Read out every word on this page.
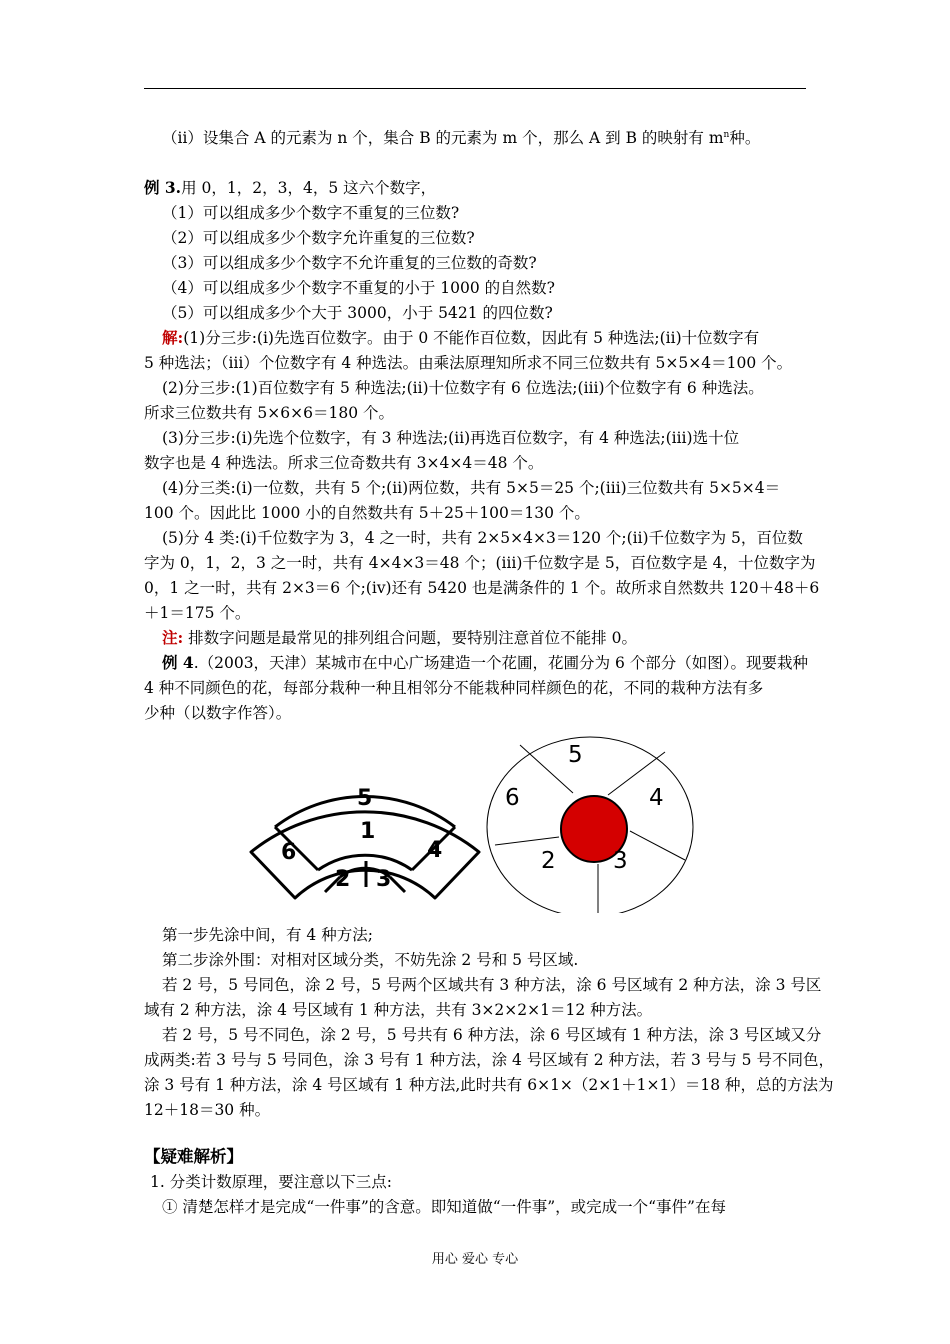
（ⅱ）设集合 A 的元素为 n 个，集合 B 的元素为 m 个，那么 A 到 B 的映射有 $m^n$种。
例 3.用 0，1，2，3，4，5 这六个数字，
（1）可以组成多少个数字不重复的三位数?
（2）可以组成多少个数字允许重复的三位数?
（3）可以组成多少个数字不允许重复的三位数的奇数?
（4）可以组成多少个数字不重复的小于 1000 的自然数?
（5）可以组成多少个大于 3000，小于 5421 的四位数?
解:(1)分三步:(ⅰ)先选百位数字。由于 0 不能作百位数，因此有 5 种选法;(ⅱ)十位数字有
5 种选法；（ⅲ）个位数字有 4 种选法。由乘法原理知所求不同三位数共有 5×5×4＝100 个。
(2)分三步:(1)百位数字有 5 种选法;(ⅱ)十位数字有 6 位选法;(ⅲ)个位数字有 6 种选法。
所求三位数共有 5×6×6＝180 个。
(3)分三步:(ⅰ)先选个位数字，有 3 种选法;(ⅱ)再选百位数字，有 4 种选法;(ⅲ)选十位
数字也是 4 种选法。所求三位奇数共有 3×4×4＝48 个。
(4)分三类:(ⅰ)一位数，共有 5 个;(ⅱ)两位数，共有 5×5＝25 个;(ⅲ)三位数共有 5×5×4＝
100 个。因此比 1000 小的自然数共有 5＋25＋100＝130 个。
(5)分 4 类:(ⅰ)千位数字为 3，4 之一时，共有 2×5×4×3＝120 个;(ⅱ)千位数字为 5，百位数
字为 0，1，2，3 之一时，共有 4×4×3＝48 个；(ⅲ)千位数字是 5，百位数字是 4，十位数字为
0，1 之一时，共有 2×3＝6 个;(ⅳ)还有 5420 也是满条件的 1 个。故所求自然数共 120＋48＋6
＋1＝175 个。
注: 排数字问题是最常见的排列组合问题，要特别注意首位不能排 0。
例 4.（2003，天津）某城市在中心广场建造一个花圃，花圃分为 6 个部分（如图）。现要栽种
4 种不同颜色的花，每部分栽种一种且相邻分不能栽种同样颜色的花，不同的栽种方法有多
少种（以数字作答）。
5
1
6	4
2 3
5
6	4
2 3
第一步先涂中间，有 4 种方法;
第二步涂外围：对相对区域分类，不妨先涂 2 号和 5 号区域.
若 2 号，5 号同色，涂 2 号，5 号两个区域共有 3 种方法，涂 6 号区域有 2 种方法，涂 3 号区
域有 2 种方法，涂 4 号区域有 1 种方法，共有 3×2×2×1＝12 种方法。
若 2 号，5 号不同色，涂 2 号，5 号共有 6 种方法，涂 6 号区域有 1 种方法，涂 3 号区域又分
成两类:若 3 号与 5 号同色，涂 3 号有 1 种方法，涂 4 号区域有 2 种方法，若 3 号与 5 号不同色，
涂 3 号有 1 种方法，涂 4 号区域有 1 种方法,此时共有 6×1×（2×1＋1×1）＝18 种，总的方法为
12＋18＝30 种。
【疑难解析】
1. 分类计数原理，要注意以下三点:
① 清楚怎样才是完成“一件事”的含意。即知道做“一件事”，或完成一个“事件”在每
用心 爱心 专心
